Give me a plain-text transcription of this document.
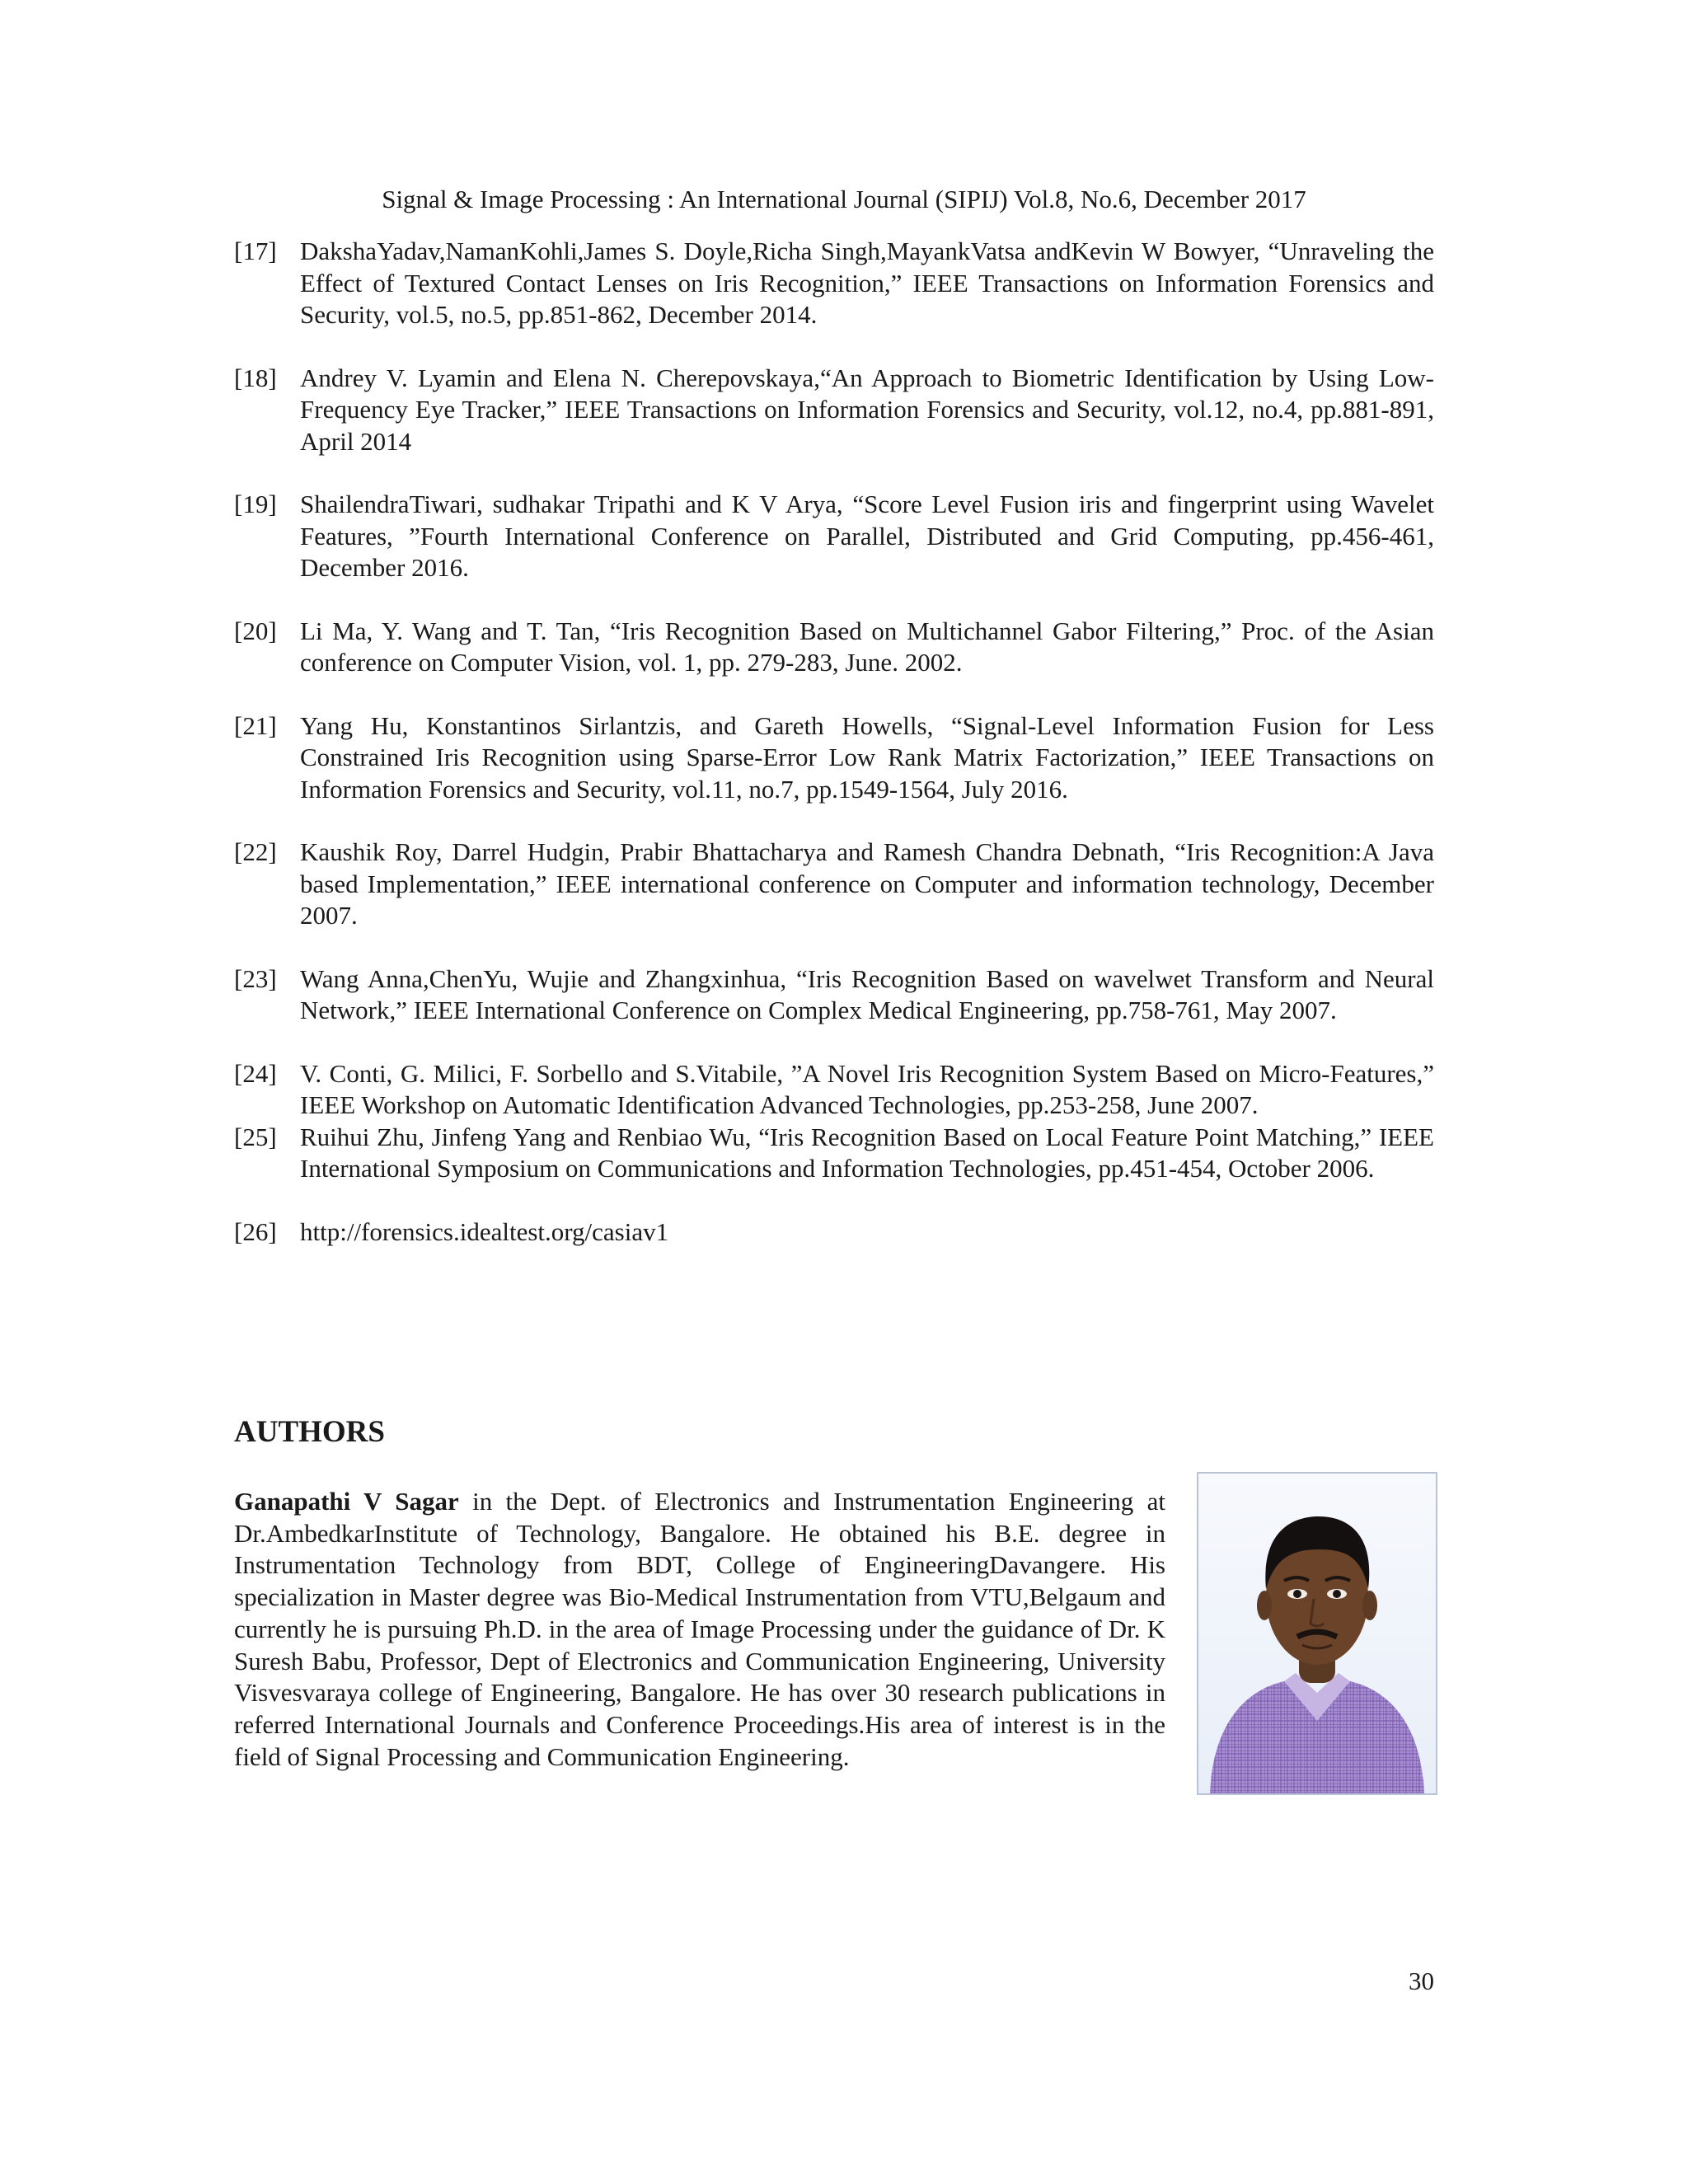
Signal & Image Processing : An International Journal (SIPIJ) Vol.8, No.6, December 2017
[17] DakshaYadav,NamanKohli,James S. Doyle,Richa Singh,MayankVatsa andKevin W Bowyer, “Unraveling the Effect of Textured Contact Lenses on Iris Recognition,” IEEE Transactions on Information Forensics and Security, vol.5, no.5, pp.851-862, December 2014.
[18] Andrey V. Lyamin and Elena N. Cherepovskaya,“An Approach to Biometric Identification by Using Low-Frequency Eye Tracker,” IEEE Transactions on Information Forensics and Security, vol.12, no.4, pp.881-891, April 2014
[19] ShailendraTiwari, sudhakar Tripathi and K V Arya, “Score Level Fusion iris and fingerprint using Wavelet Features, ”Fourth International Conference on Parallel, Distributed and Grid Computing, pp.456-461, December 2016.
[20] Li Ma, Y. Wang and T. Tan, “Iris Recognition Based on Multichannel Gabor Filtering,” Proc. of the Asian conference on Computer Vision, vol. 1, pp. 279-283, June. 2002.
[21] Yang Hu, Konstantinos Sirlantzis, and Gareth Howells, “Signal-Level Information Fusion for Less Constrained Iris Recognition using Sparse-Error Low Rank Matrix Factorization,” IEEE Transactions on Information Forensics and Security, vol.11, no.7, pp.1549-1564, July 2016.
[22] Kaushik Roy, Darrel Hudgin, Prabir Bhattacharya and Ramesh Chandra Debnath, “Iris Recognition:A Java based Implementation,” IEEE international conference on Computer and information technology, December 2007.
[23] Wang Anna,ChenYu, Wujie and Zhangxinhua, “Iris Recognition Based on wavelwet Transform and Neural Network,” IEEE International Conference on Complex Medical Engineering, pp.758-761, May 2007.
[24] V. Conti, G. Milici, F. Sorbello and S.Vitabile, ”A Novel Iris Recognition System Based on Micro-Features,” IEEE Workshop on Automatic Identification Advanced Technologies, pp.253-258, June 2007.
[25] Ruihui Zhu, Jinfeng Yang and Renbiao Wu, “Iris Recognition Based on Local Feature Point Matching,” IEEE International Symposium on Communications and Information Technologies, pp.451-454, October 2006.
[26] http://forensics.idealtest.org/casiav1
AUTHORS
Ganapathi V Sagar in the Dept. of Electronics and Instrumentation Engineering at Dr.AmbedkarInstitute of Technology, Bangalore. He obtained his B.E. degree in Instrumentation Technology from BDT, College of EngineeringDavangere. His specialization in Master degree was Bio-Medical Instrumentation from VTU,Belgaum and currently he is pursuing Ph.D. in the area of Image Processing under the guidance of Dr. K Suresh Babu, Professor, Dept of Electronics and Communication Engineering, University Visvesvaraya college of Engineering, Bangalore. He has over 30 research publications in referred International Journals and Conference Proceedings.His area of interest is in the field of Signal Processing and Communication Engineering.
30
